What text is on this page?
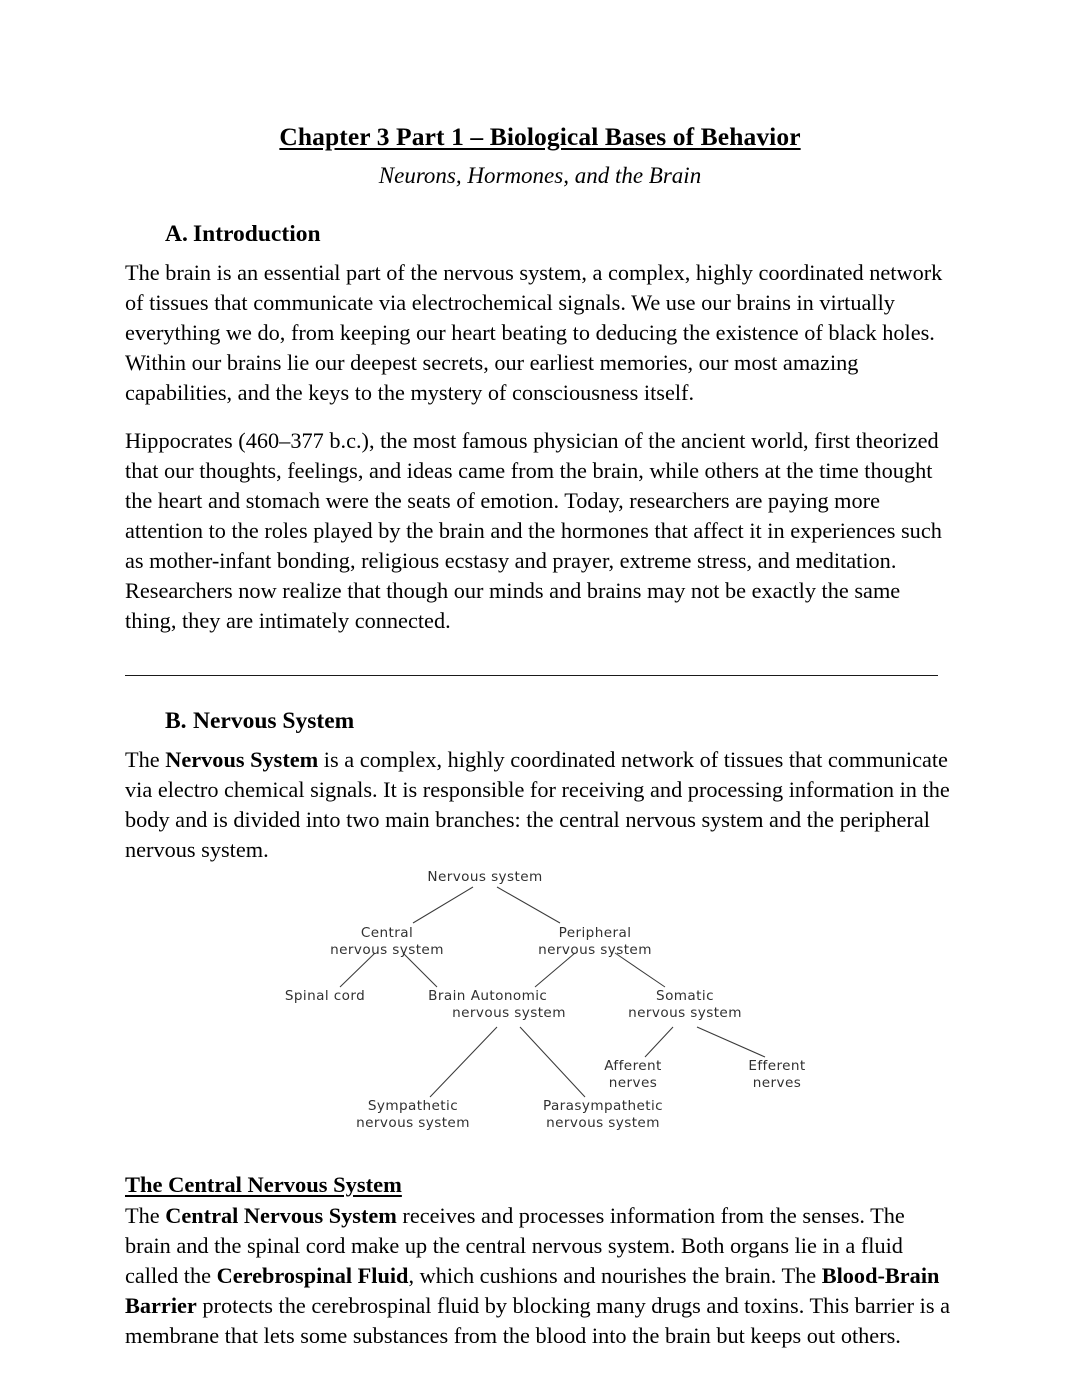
Chapter 3 Part 1 – Biological Bases of Behavior
Neurons, Hormones, and the Brain
A. Introduction

The brain is an essential part of the nervous system, a complex, highly coordinated network of tissues that communicate via electrochemical signals. We use our brains in virtually everything we do, from keeping our heart beating to deducing the existence of black holes. Within our brains lie our deepest secrets, our earliest memories, our most amazing capabilities, and the keys to the mystery of consciousness itself.

Hippocrates (460–377 b.c.), the most famous physician of the ancient world, first theorized that our thoughts, feelings, and ideas came from the brain, while others at the time thought the heart and stomach were the seats of emotion. Today, researchers are paying more attention to the roles played by the brain and the hormones that affect it in experiences such as mother-infant bonding, religious ecstasy and prayer, extreme stress, and meditation. Researchers now realize that though our minds and brains may not be exactly the same thing, they are intimately connected.

B. Nervous System

The Nervous System is a complex, highly coordinated network of tissues that communicate via electro chemical signals. It is responsible for receiving and processing information in the body and is divided into two main branches: the central nervous system and the peripheral nervous system.

Nervous system
Central
nervous system
Peripheral
nervous system
Spinal cord	Brain Autonomic
nervous system
Somatic
nervous system
Afferent
nerves
Efferent
nerves
Sympathetic
nervous system
Parasympathetic
nervous system
The Central Nervous System

The Central Nervous System receives and processes information from the senses. The brain and the spinal cord make up the central nervous system. Both organs lie in a fluid called the Cerebrospinal Fluid, which cushions and nourishes the brain. The Blood-Brain Barrier protects the cerebrospinal fluid by blocking many drugs and toxins. This barrier is a membrane that lets some substances from the blood into the brain but keeps out others.
